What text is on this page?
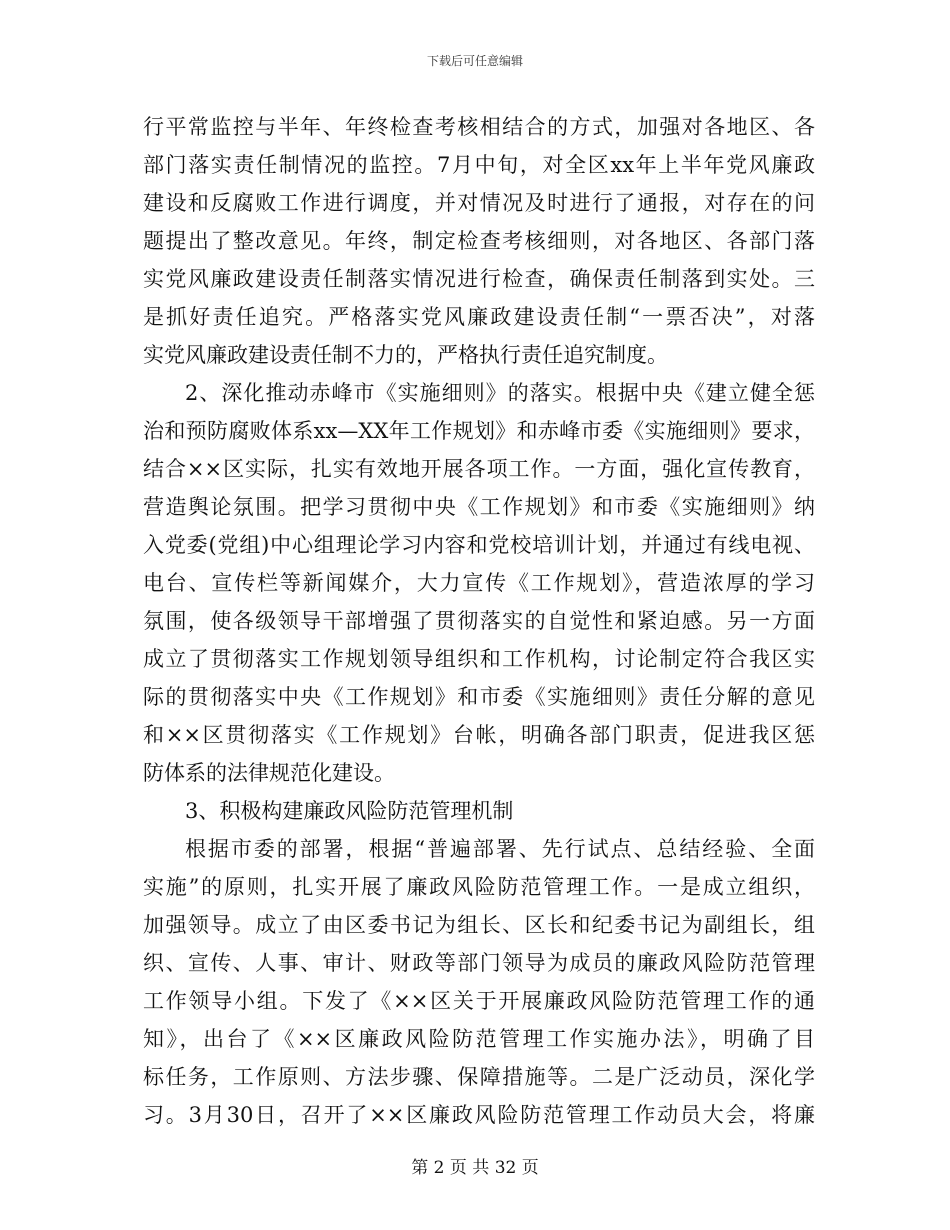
下载后可任意编辑
行平常监控与半年、年终检查考核相结合的方式，加强对各地区、各
部门落实责任制情况的监控。7月中旬，对全区xx年上半年党风廉政
建设和反腐败工作进行调度，并对情况及时进行了通报，对存在的问
题提出了整改意见。年终，制定检查考核细则，对各地区、各部门落
实党风廉政建设责任制落实情况进行检查，确保责任制落到实处。三
是抓好责任追究。严格落实党风廉政建设责任制“一票否决”，对落
实党风廉政建设责任制不力的，严格执行责任追究制度。
2、深化推动赤峰市《实施细则》的落实。根据中央《建立健全惩
治和预防腐败体系xx—XX年工作规划》和赤峰市委《实施细则》要求，
结合××区实际，扎实有效地开展各项工作。一方面，强化宣传教育，
营造舆论氛围。把学习贯彻中央《工作规划》和市委《实施细则》纳
入党委(党组)中心组理论学习内容和党校培训计划，并通过有线电视、
电台、宣传栏等新闻媒介，大力宣传《工作规划》，营造浓厚的学习
氛围，使各级领导干部增强了贯彻落实的自觉性和紧迫感。另一方面
成立了贯彻落实工作规划领导组织和工作机构，讨论制定符合我区实
际的贯彻落实中央《工作规划》和市委《实施细则》责任分解的意见
和××区贯彻落实《工作规划》台帐，明确各部门职责，促进我区惩
防体系的法律规范化建设。
3、积极构建廉政风险防范管理机制
根据市委的部署，根据“普遍部署、先行试点、总结经验、全面
实施”的原则，扎实开展了廉政风险防范管理工作。一是成立组织，
加强领导。成立了由区委书记为组长、区长和纪委书记为副组长，组
织、宣传、人事、审计、财政等部门领导为成员的廉政风险防范管理
工作领导小组。下发了《××区关于开展廉政风险防范管理工作的通
知》，出台了《××区廉政风险防范管理工作实施办法》，明确了目
标任务，工作原则、方法步骤、保障措施等。二是广泛动员，深化学
习。3月30日，召开了××区廉政风险防范管理工作动员大会，将廉
第 2 页 共 32 页
